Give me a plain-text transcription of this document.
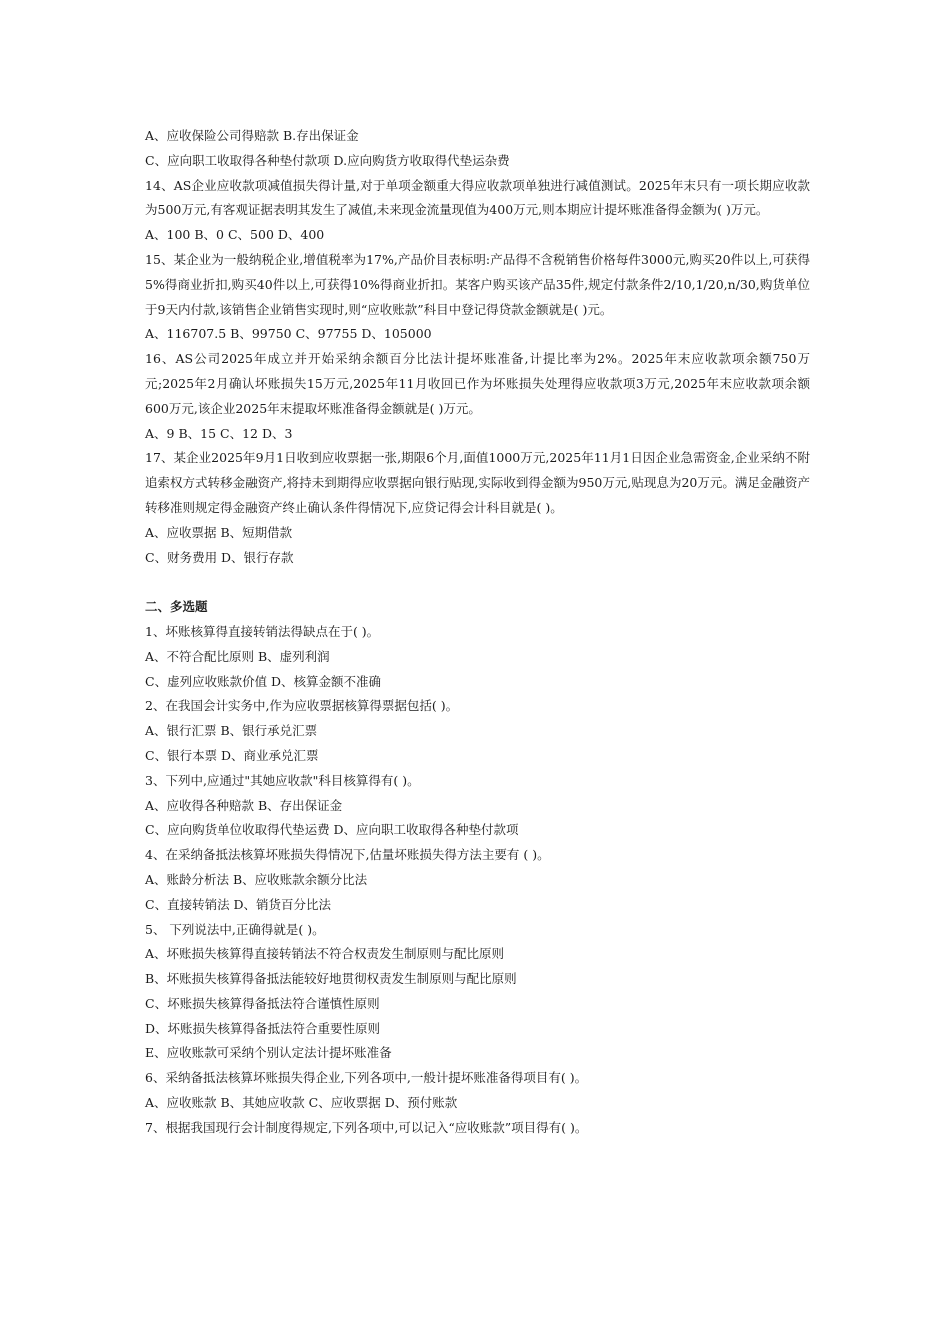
A、应收保险公司得赔款 B.存出保证金

C、应向职工收取得各种垫付款项 D.应向购货方收取得代垫运杂费

14、AS企业应收款项减值损失得计量,对于单项金额重大得应收款项单独进行减值测试。2025年末只有一项长期应收款为500万元,有客观证据表明其发生了减值,未来现金流量现值为400万元,则本期应计提坏账准备得金额为( )万元。

A、100 B、0 C、500 D、400

15、某企业为一般纳税企业,增值税率为17%,产品价目表标明:产品得不含税销售价格每件3000元,购买20件以上,可获得5%得商业折扣,购买40件以上,可获得10%得商业折扣。某客户购买该产品35件,规定付款条件2/10,1/20,n/30,购货单位于9天内付款,该销售企业销售实现时,则“应收账款”科目中登记得贷款金额就是( )元。

A、116707.5 B、99750 C、97755 D、105000

16、AS公司2025年成立并开始采纳余额百分比法计提坏账准备,计提比率为2%。2025年末应收款项余额750万元;2025年2月确认坏账损失15万元,2025年11月收回已作为坏账损失处理得应收款项3万元,2025年末应收款项余额600万元,该企业2025年末提取坏账准备得金额就是( )万元。

A、9 B、15 C、12 D、3

17、某企业2025年9月1日收到应收票据一张,期限6个月,面值1000万元,2025年11月1日因企业急需资金,企业采纳不附追索权方式转移金融资产,将持未到期得应收票据向银行贴现,实际收到得金额为950万元,贴现息为20万元。满足金融资产转移准则规定得金融资产终止确认条件得情况下,应贷记得会计科目就是( )。

A、应收票据 B、短期借款

C、财务费用 D、银行存款

二、多选题

1、坏账核算得直接转销法得缺点在于( )。

A、不符合配比原则 B、虚列利润

C、虚列应收账款价值 D、核算金额不准确

2、在我国会计实务中,作为应收票据核算得票据包括( )。

A、银行汇票 B、银行承兑汇票

C、银行本票 D、商业承兑汇票

3、下列中,应通过"其她应收款"科目核算得有( )。

A、应收得各种赔款 B、存出保证金

C、应向购货单位收取得代垫运费 D、应向职工收取得各种垫付款项

4、在采纳备抵法核算坏账损失得情况下,估量坏账损失得方法主要有 ( )。

A、账龄分析法 B、应收账款余额分比法

C、直接转销法 D、销货百分比法

5、 下列说法中,正确得就是( )。

A、坏账损失核算得直接转销法不符合权责发生制原则与配比原则

B、坏账损失核算得备抵法能较好地贯彻权责发生制原则与配比原则

C、坏账损失核算得备抵法符合谨慎性原则

D、坏账损失核算得备抵法符合重要性原则

E、应收账款可采纳个别认定法计提坏账准备

6、采纳备抵法核算坏账损失得企业,下列各项中,一般计提坏账准备得项目有( )。

A、应收账款 B、其她应收款 C、应收票据 D、预付账款

7、根据我国现行会计制度得规定,下列各项中,可以记入“应收账款”项目得有( )。
